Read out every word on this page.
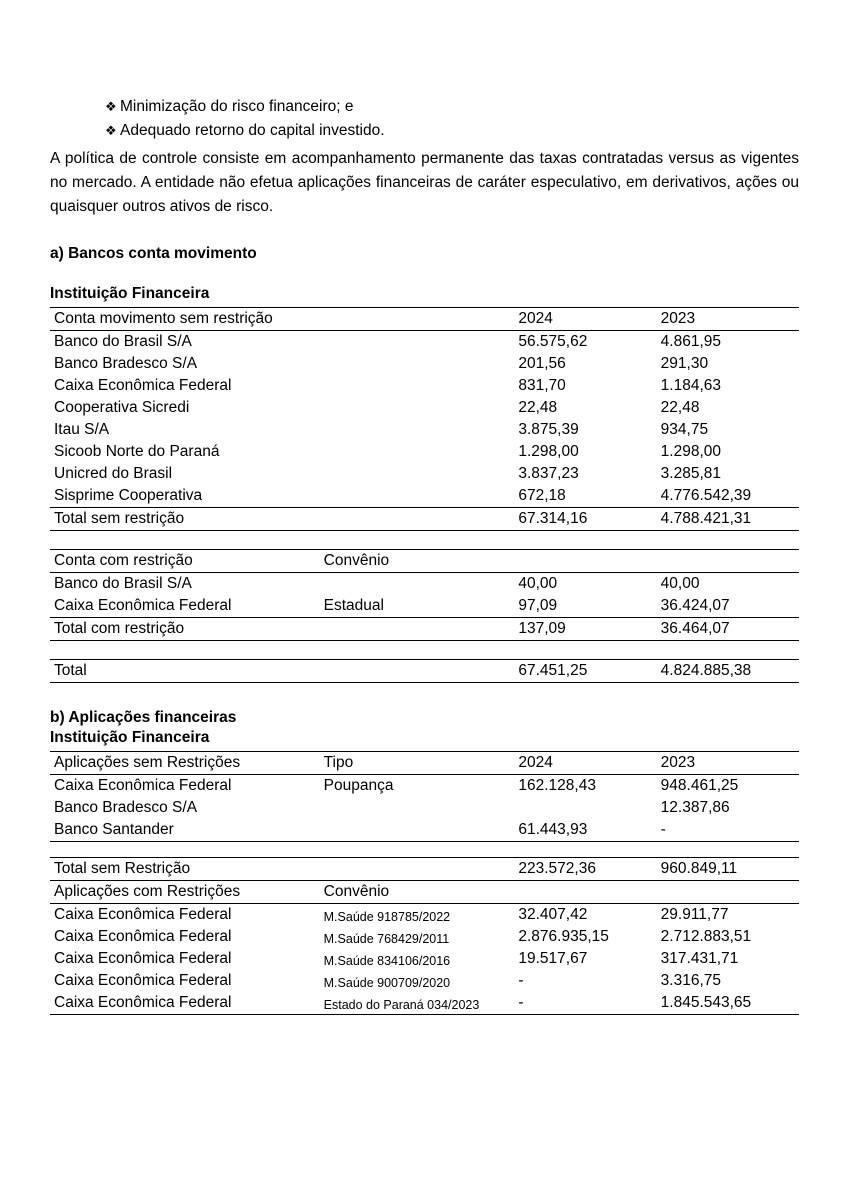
❖ Minimização do risco financeiro; e
❖ Adequado retorno do capital investido.

A política de controle consiste em acompanhamento permanente das taxas contratadas versus as vigentes no mercado. A entidade não efetua aplicações financeiras de caráter especulativo, em derivativos, ações ou quaisquer outros ativos de risco.

a) Bancos conta movimento
Instituição Financeira
Conta movimento sem restrição		2024	2023
Banco do Brasil S/A		56.575,62	4.861,95
Banco Bradesco S/A		201,56	291,30
Caixa Econômica Federal		831,70	1.184,63
Cooperativa Sicredi		22,48	22,48
Itau S/A		3.875,39	934,75
Sicoob Norte do Paraná		1.298,00	1.298,00
Unicred do Brasil		3.837,23	3.285,81
Sisprime Cooperativa		672,18	4.776.542,39
Total sem restrição		67.314,16	4.788.421,31
Conta com restrição	Convênio		
Banco do Brasil S/A		40,00	40,00
Caixa Econômica Federal	Estadual	97,09	36.424,07
Total com restrição		137,09	36.464,07
Total		67.451,25	4.824.885,38
b) Aplicações financeiras
Instituição Financeira
Aplicações sem Restrições	Tipo	2024	2023
Caixa Econômica Federal	Poupança	162.128,43	948.461,25
Banco Bradesco S/A			12.387,86
Banco Santander		61.443,93	-

Total sem Restrição		223.572,36	960.849,11
Aplicações com Restrições	Convênio		
Caixa Econômica Federal	M.Saúde 918785/2022	32.407,42	29.911,77
Caixa Econômica Federal	M.Saúde 768429/2011	2.876.935,15	2.712.883,51
Caixa Econômica Federal	M.Saúde 834106/2016	19.517,67	317.431,71
Caixa Econômica Federal	M.Saúde 900709/2020	-	3.316,75
Caixa Econômica Federal	Estado do Paraná 034/2023	-	1.845.543,65
